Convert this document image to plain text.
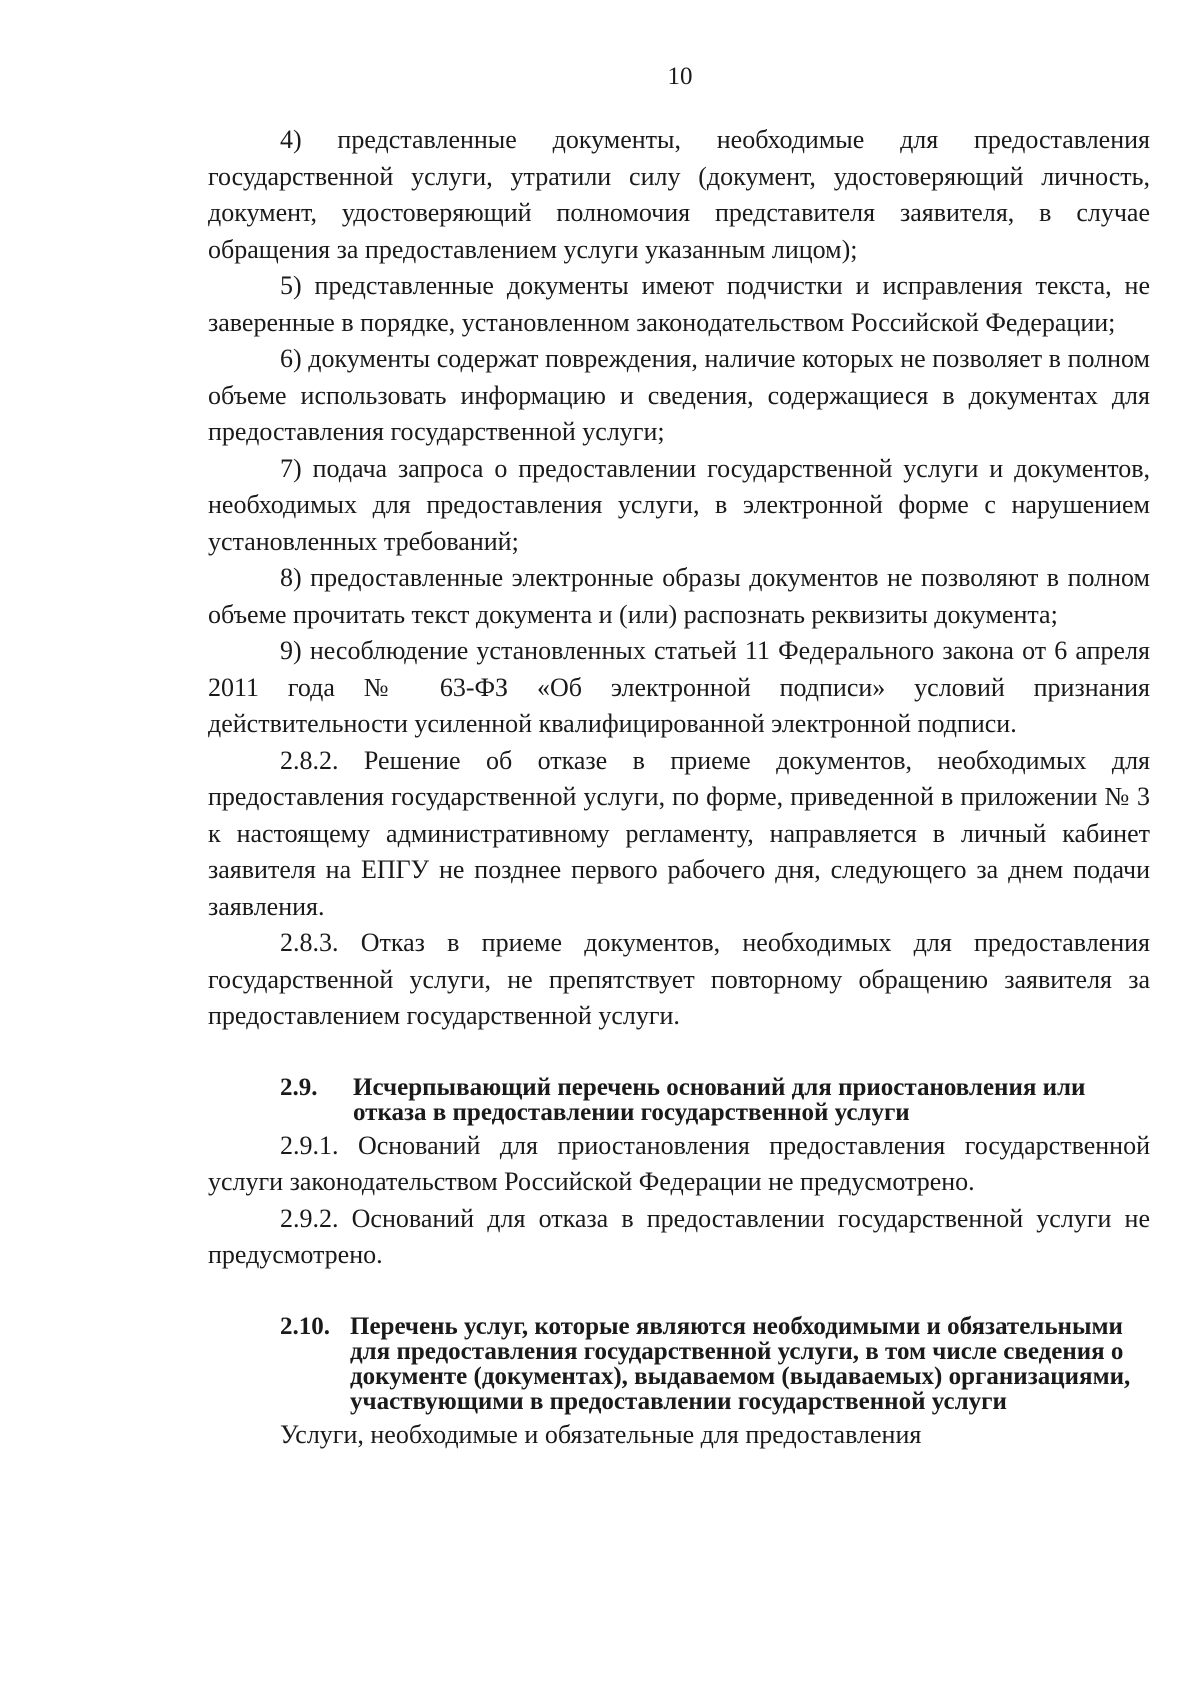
10

4) представленные документы, необходимые для предоставления государственной услуги, утратили силу (документ, удостоверяющий личность, документ, удостоверяющий полномочия представителя заявителя, в случае обращения за предоставлением услуги указанным лицом);

5) представленные документы имеют подчистки и исправления текста, не заверенные в порядке, установленном законодательством Российской Федерации;

6) документы содержат повреждения, наличие которых не позволяет в полном объеме использовать информацию и сведения, содержащиеся в документах для предоставления государственной услуги;

7) подача запроса о предоставлении государственной услуги и документов, необходимых для предоставления услуги, в электронной форме с нарушением установленных требований;

8) предоставленные электронные образы документов не позволяют в полном объеме прочитать текст документа и (или) распознать реквизиты документа;

9) несоблюдение установленных статьей 11 Федерального закона от 6 апреля 2011 года № 63-ФЗ «Об электронной подписи» условий признания действительности усиленной квалифицированной электронной подписи.

2.8.2. Решение об отказе в приеме документов, необходимых для предоставления государственной услуги, по форме, приведенной в приложении № 3 к настоящему административному регламенту, направляется в личный кабинет заявителя на ЕПГУ не позднее первого рабочего дня, следующего за днем подачи заявления.

2.8.3. Отказ в приеме документов, необходимых для предоставления государственной услуги, не препятствует повторному обращению заявителя за предоставлением государственной услуги.

2.9.	Исчерпывающий перечень оснований для приостановления или отказа в предоставлении государственной услуги

2.9.1. Оснований для приостановления предоставления государственной услуги законодательством Российской Федерации не предусмотрено.

2.9.2. Оснований для отказа в предоставлении государственной услуги не предусмотрено.

2.10. Перечень услуг, которые являются необходимыми и обязательными для предоставления государственной услуги, в том числе сведения о документе (документах), выдаваемом (выдаваемых) организациями, участвующими в предоставлении государственной услуги

Услуги, необходимые и обязательные для предоставления
